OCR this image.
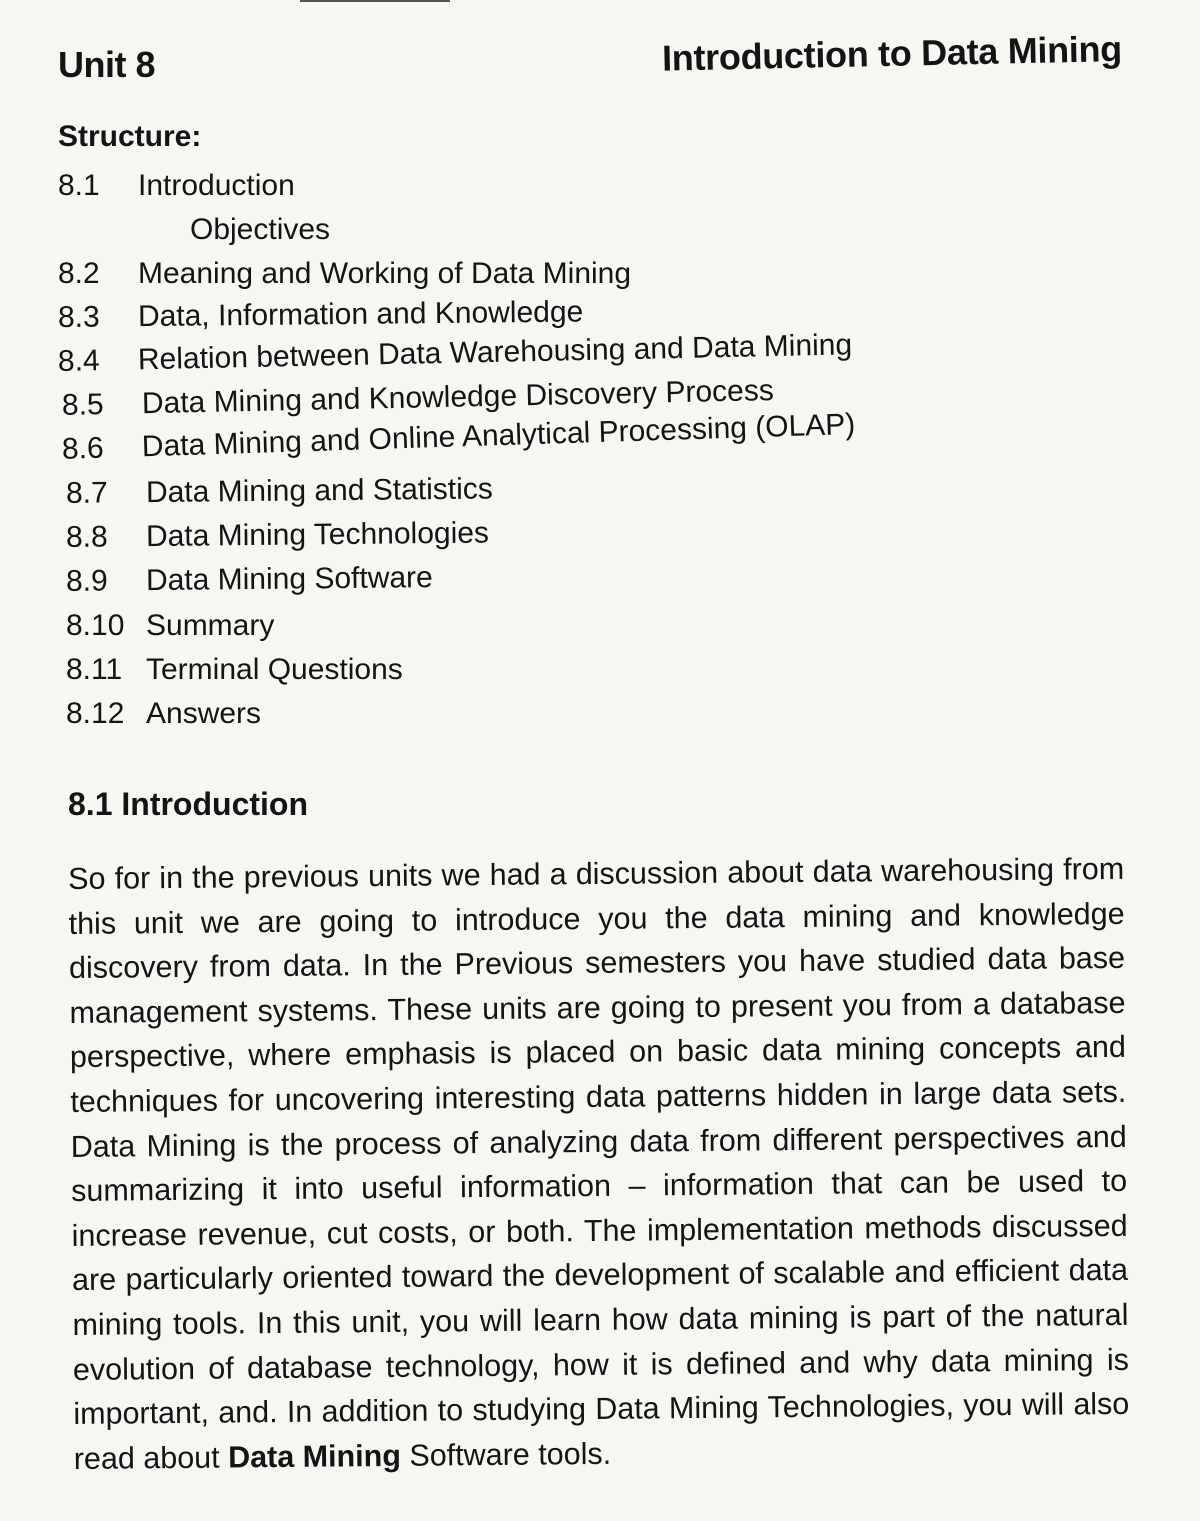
Unit 8	Introduction to Data Mining
Structure:
8.1	Introduction
Objectives
8.2	Meaning and Working of Data Mining
8.3	Data, Information and Knowledge
8.4	Relation between Data Warehousing and Data Mining
8.5	Data Mining and Knowledge Discovery Process
8.6	Data Mining and Online Analytical Processing (OLAP)
8.7	Data Mining and Statistics
8.8	Data Mining Technologies
8.9	Data Mining Software
8.10 Summary
8.11 Terminal Questions
8.12 Answers
8.1 Introduction

So for in the previous units we had a discussion about data warehousing from this unit we are going to introduce you the data mining and knowledge discovery from data. In the Previous semesters you have studied data base management systems. These units are going to present you from a database perspective, where emphasis is placed on basic data mining concepts and techniques for uncovering interesting data patterns hidden in large data sets. Data Mining is the process of analyzing data from different perspectives and summarizing it into useful information – information that can be used to increase revenue, cut costs, or both. The implementation methods discussed are particularly oriented toward the development of scalable and efficient data mining tools. In this unit, you will learn how data mining is part of the natural evolution of database technology, how it is defined and why data mining is important, and. In addition to studying Data Mining Technologies, you will also read about Data Mining Software tools.
